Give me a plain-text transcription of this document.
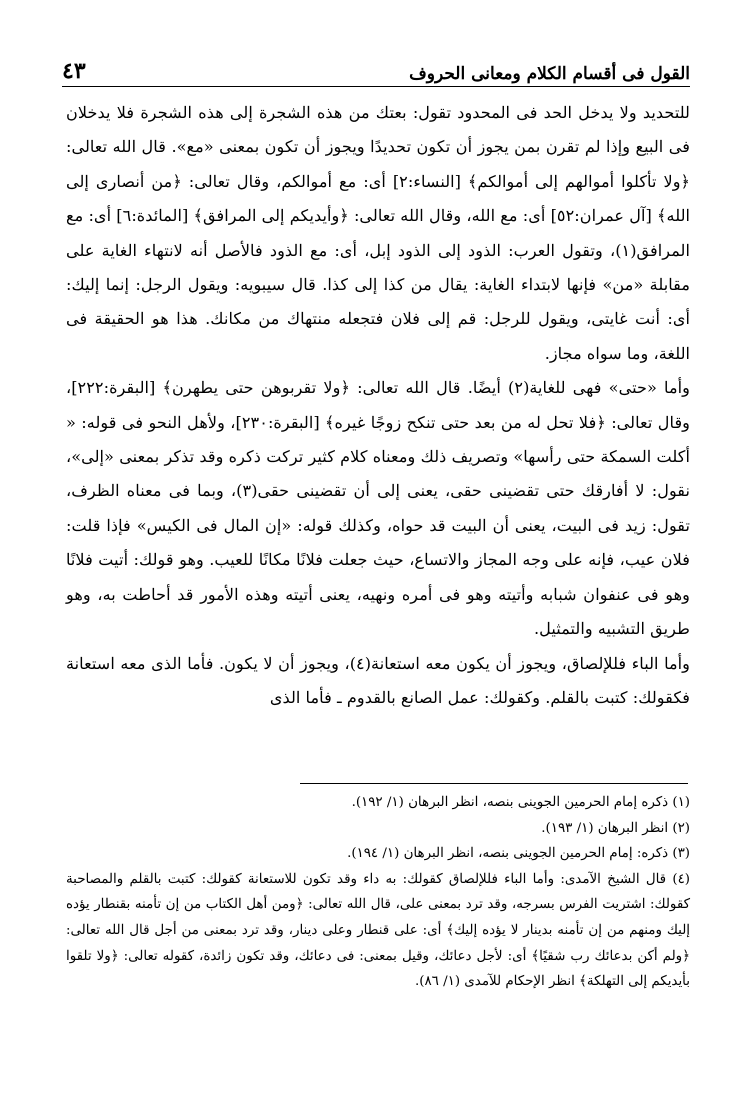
القول فى أقسام الكلام ومعانى الحروف
٤٣

للتحديد ولا يدخل الحد فى المحدود تقول: بعتك من هذه الشجرة إلى هذه الشجرة فلا يدخلان فى البيع وإذا لم تقرن بمن يجوز أن تكون تحديدًا ويجوز أن تكون بمعنى «مع». قال الله تعالى: ﴿ولا تأكلوا أموالهم إلى أموالكم﴾ [النساء:٢] أى: مع أموالكم، وقال تعالى: ﴿من أنصارى إلى الله﴾ [آل عمران:٥٢] أى: مع الله، وقال الله تعالى: ﴿وأيديكم إلى المرافق﴾ [المائدة:٦] أى: مع المرافق(١)، وتقول العرب: الذود إلى الذود إبل، أى: مع الذود فالأصل أنه لانتهاء الغاية على مقابلة «من» فإنها لابتداء الغاية: يقال من كذا إلى كذا. قال سيبويه: ويقول الرجل: إنما إليك: أى: أنت غايتى، ويقول للرجل: قم إلى فلان فتجعله منتهاك من مكانك. هذا هو الحقيقة فى اللغة، وما سواه مجاز.

وأما «حتى» فهى للغاية(٢) أيضًا. قال الله تعالى: ﴿ولا تقربوهن حتى يطهرن﴾ [البقرة:٢٢٢]، وقال تعالى: ﴿فلا تحل له من بعد حتى تنكح زوجًا غيره﴾ [البقرة:٢٣٠]، ولأهل النحو فى قوله: « أكلت السمكة حتى رأسها» وتصريف ذلك ومعناه كلام كثير تركت ذكره وقد تذكر بمعنى «إلى»، نقول: لا أفارقك حتى تقضينى حقى، يعنى إلى أن تقضينى حقى(٣)، وبما فى معناه الظرف، تقول: زيد فى البيت، يعنى أن البيت قد حواه، وكذلك قوله: «إن المال فى الكيس» فإذا قلت: فلان عيب، فإنه على وجه المجاز والاتساع، حيث جعلت فلانًا مكانًا للعيب. وهو قولك: أتيت فلانًا وهو فى عنفوان شبابه وأتيته وهو فى أمره ونهيه، يعنى أتيته وهذه الأمور قد أحاطت به، وهو طريق التشبيه والتمثيل.

وأما الباء فللإلصاق، ويجوز أن يكون معه استعانة(٤)، ويجوز أن لا يكون. فأما الذى معه استعانة فكقولك: كتبت بالقلم. وكقولك: عمل الصانع بالقدوم ـ فأما الذى

(١) ذكره إمام الحرمين الجوينى بنصه، انظر البرهان (١/ ١٩٢).

(٢) انظر البرهان (١/ ١٩٣).

(٣) ذكره: إمام الحرمين الجوينى بنصه، انظر البرهان (١/ ١٩٤).

(٤) قال الشيخ الآمدى: وأما الباء فللإلصاق كقولك: به داء وقد تكون للاستعانة كقولك: كتبت بالقلم والمصاحبة كقولك: اشتريت الفرس بسرجه، وقد ترد بمعنى على، قال الله تعالى: ﴿ومن أهل الكتاب من إن تأمنه بقنطار يؤده إليك ومنهم من إن تأمنه بدينار لا يؤده إليك﴾ أى: على قنطار وعلى دينار، وقد ترد بمعنى من أجل قال الله تعالى: ﴿ولم أكن بدعائك رب شقيًا﴾ أى: لأجل دعائك، وقيل بمعنى: فى دعائك، وقد تكون زائدة، كقوله تعالى: ﴿ولا تلقوا بأيديكم إلى التهلكة﴾ انظر الإحكام للآمدى (١/ ٨٦).
